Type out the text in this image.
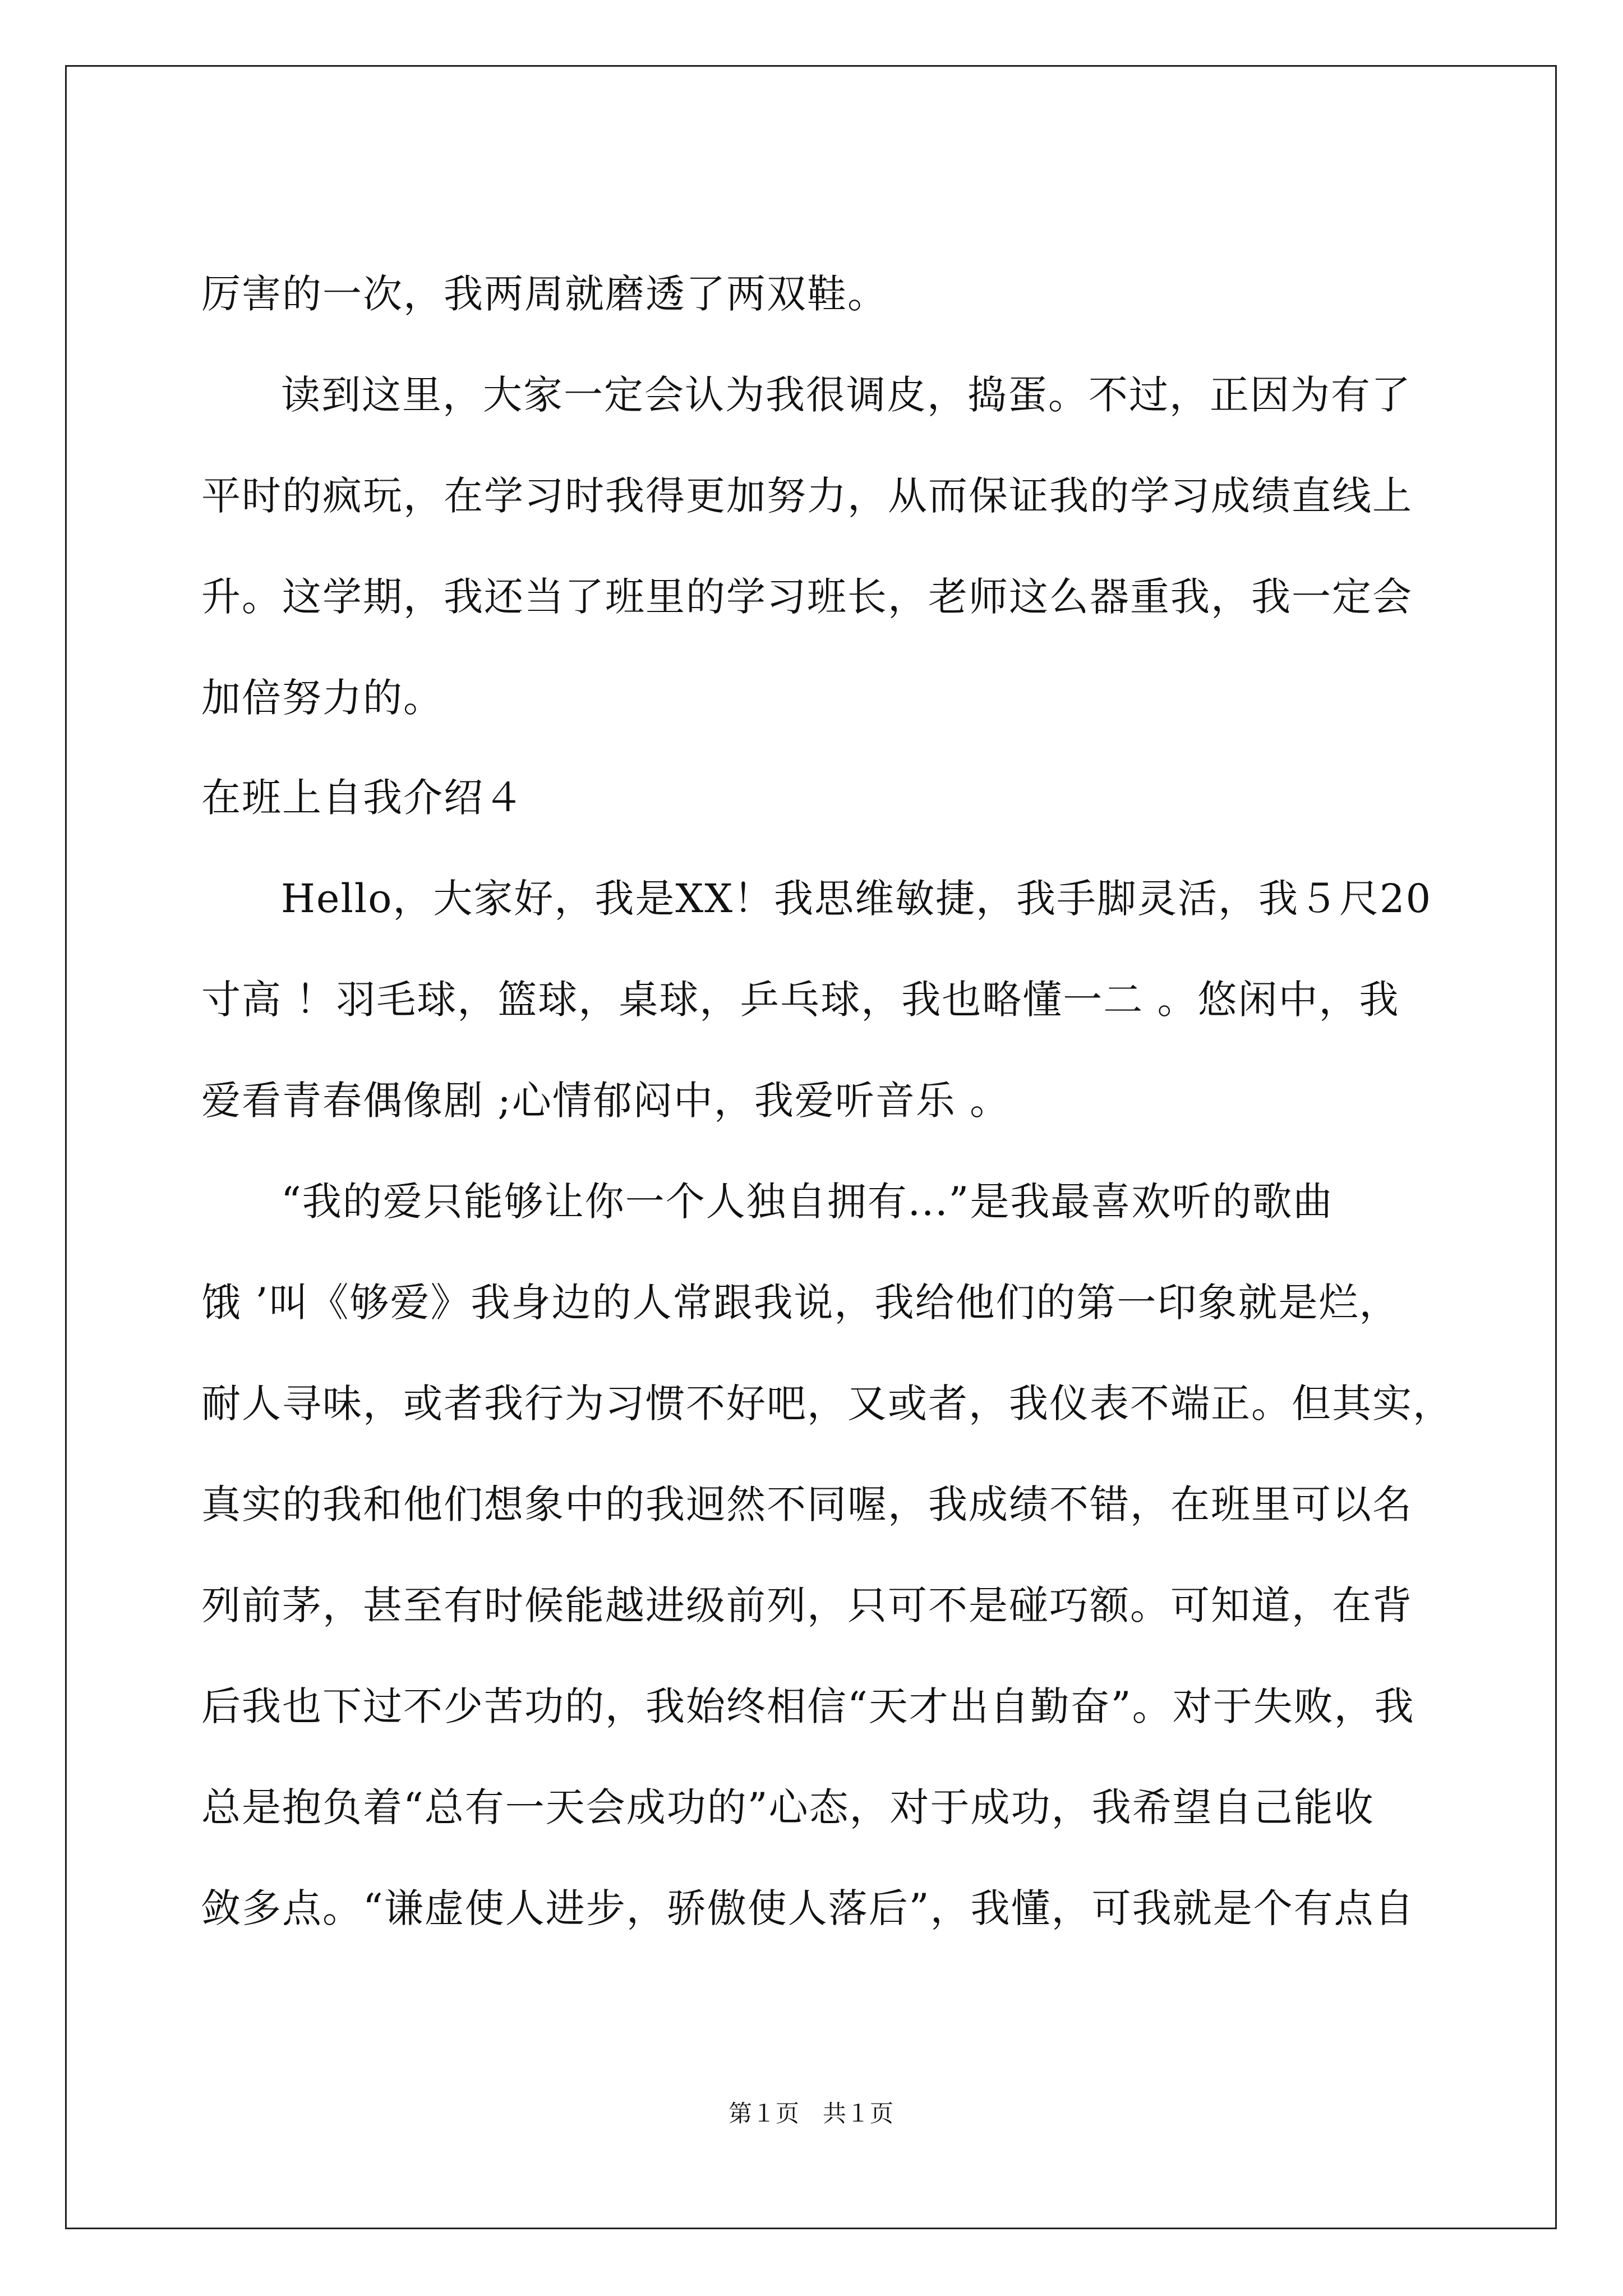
厉害的一次，我两周就磨透了两双鞋。

读到这里，大家一定会认为我很调皮，捣蛋。不过，正因为有了

平时的疯玩，在学习时我得更加努力，从而保证我的学习成绩直线上

升。这学期，我还当了班里的学习班长，老师这么器重我，我一定会

加倍努力的。

在班上自我介绍４

Hello，大家好，我是XX！我思维敏捷，我手脚灵活，我５尺20

寸高 ！羽毛球，篮球，桌球，乒乓球，我也略懂一二 。悠闲中，我

爱看青春偶像剧 ;心情郁闷中，我爱听音乐 。

“我的爱只能够让你一个人独自拥有...”是我最喜欢听的歌曲

饿 ’叫《够爱》我身边的人常跟我说，我给他们的第一印象就是烂，

耐人寻味，或者我行为习惯不好吧，又或者，我仪表不端正。但其实，

真实的我和他们想象中的我迥然不同喔，我成绩不错，在班里可以名

列前茅，甚至有时候能越进级前列，只可不是碰巧额。可知道，在背

后我也下过不少苦功的，我始终相信“天才出自勤奋”。对于失败，我

总是抱负着“总有一天会成功的”心态，对于成功，我希望自己能收

敛多点。“谦虚使人进步，骄傲使人落后”，我懂，可我就是个有点自

第１页　共１页
